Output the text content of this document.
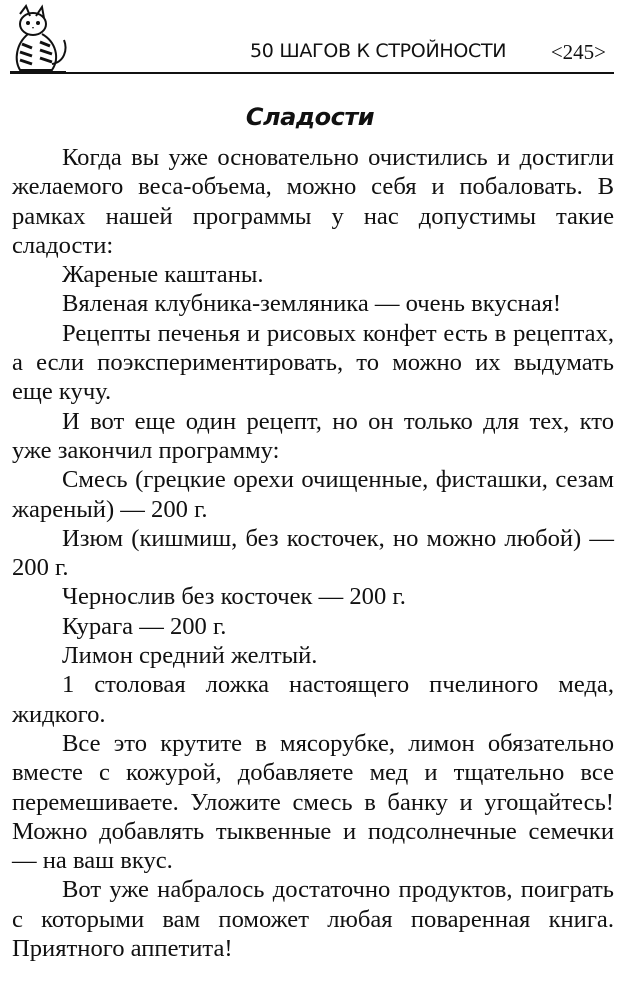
50 ШАГОВ К СТРОЙНОСТИ <245>
Сладости

Когда вы уже основательно очистились и достигли желаемого веса-объема, можно себя и побаловать. В рамках нашей программы у нас допустимы такие сладости:

Жареные каштаны.

Вяленая клубника-земляника — очень вкусная!

Рецепты печенья и рисовых конфет есть в рецептах, а если поэкспериментировать, то можно их выдумать еще кучу.

И вот еще один рецепт, но он только для тех, кто уже закончил программу:

Смесь (грецкие орехи очищенные, фисташки, сезам жареный) — 200 г.

Изюм (кишмиш, без косточек, но можно любой) — 200 г.

Чернослив без косточек — 200 г.

Курага — 200 г.

Лимон средний желтый.

1 столовая ложка настоящего пчелиного меда, жидкого.

Все это крутите в мясорубке, лимон обязательно вместе с кожурой, добавляете мед и тщательно все перемешиваете. Уложите смесь в банку и угощайтесь! Можно добавлять тыквенные и подсолнечные семечки — на ваш вкус.

Вот уже набралось достаточно продуктов, поиграть с которыми вам поможет любая поваренная книга. Приятного аппетита!
